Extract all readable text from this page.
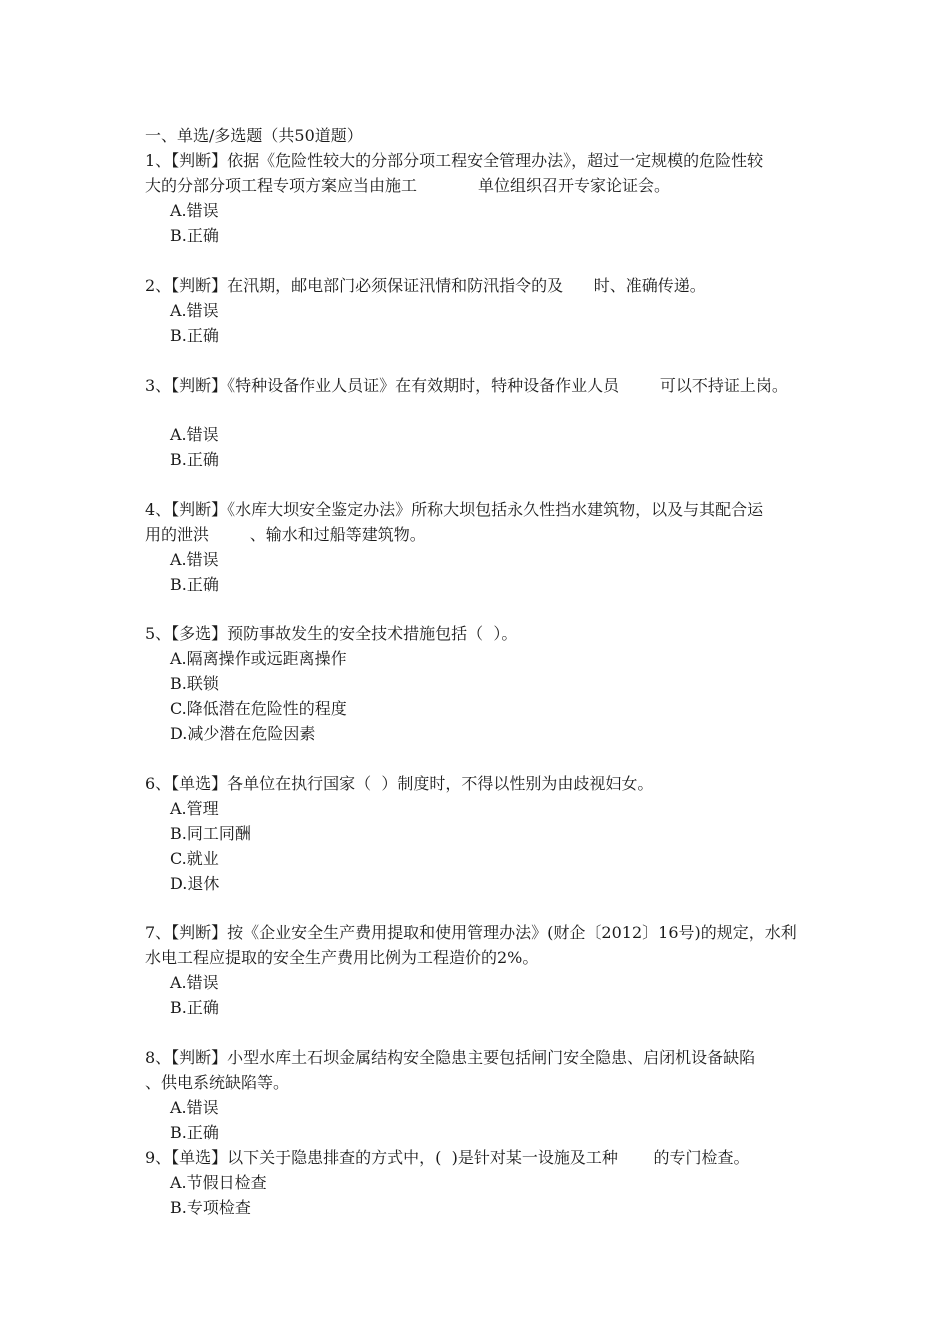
一、单选/多选题（共50道题）
1、【判断】依据《危险性较大的分部分项工程安全管理办法》，超过一定规模的危险性较
大的分部分项工程专项方案应当由施工            单位组织召开专家论证会。
A.错误
B.正确
2、【判断】在汛期，邮电部门必须保证汛情和防汛指令的及      时、准确传递。
A.错误
B.正确
3、【判断】《特种设备作业人员证》在有效期时，特种设备作业人员        可以不持证上岗。
A.错误
B.正确
4、【判断】《水库大坝安全鉴定办法》所称大坝包括永久性挡水建筑物，以及与其配合运
用的泄洪        、输水和过船等建筑物。
A.错误
B.正确
5、【多选】预防事故发生的安全技术措施包括（  ）。
A.隔离操作或远距离操作
B.联锁
C.降低潜在危险性的程度
D.减少潜在危险因素
6、【单选】各单位在执行国家（  ）制度时，不得以性别为由歧视妇女。
A.管理
B.同工同酬
C.就业
D.退休
7、【判断】按《企业安全生产费用提取和使用管理办法》(财企〔2012〕16号)的规定，水利
水电工程应提取的安全生产费用比例为工程造价的2%。
A.错误
B.正确
8、【判断】小型水库土石坝金属结构安全隐患主要包括闸门安全隐患、启闭机设备缺陷
、供电系统缺陷等。
A.错误
B.正确
9、【单选】以下关于隐患排查的方式中，(  )是针对某一设施及工种       的专门检查。
A.节假日检查
B.专项检查
